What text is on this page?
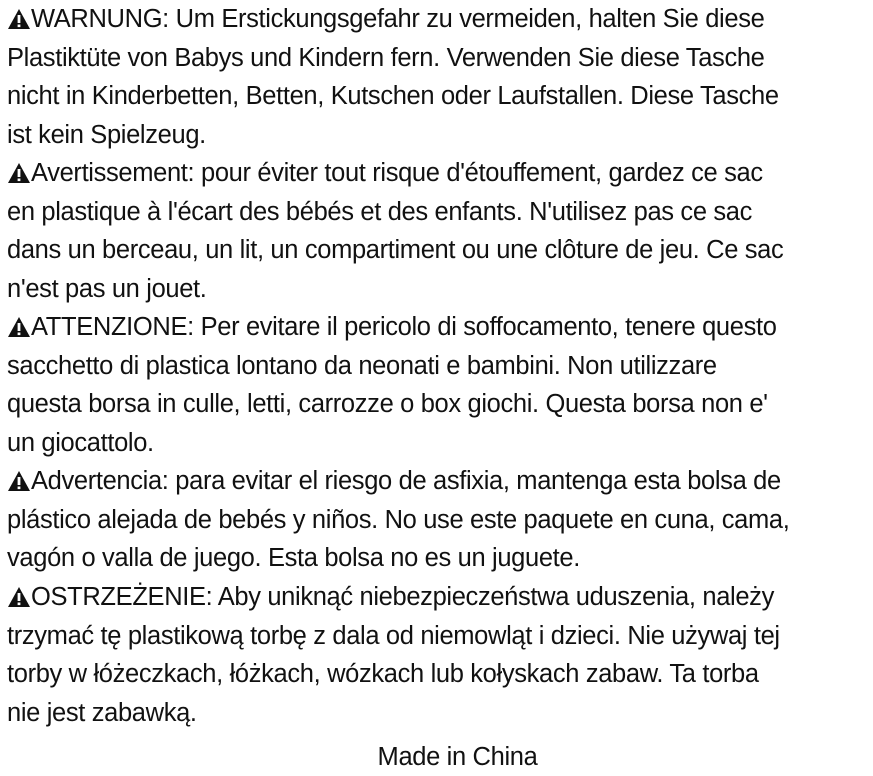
WARNUNG: Um Erstickungsgefahr zu vermeiden, halten Sie diese
Plastiktüte von Babys und Kindern fern. Verwenden Sie diese Tasche
nicht in Kinderbetten, Betten, Kutschen oder Laufstallen. Diese Tasche
ist kein Spielzeug.
Avertissement: pour éviter tout risque d'étouffement, gardez ce sac
en plastique à l'écart des bébés et des enfants. N'utilisez pas ce sac
dans un berceau, un lit, un compartiment ou une clôture de jeu. Ce sac
n'est pas un jouet.
ATTENZIONE: Per evitare il pericolo di soffocamento, tenere questo
sacchetto di plastica lontano da neonati e bambini. Non utilizzare
questa borsa in culle, letti, carrozze o box giochi. Questa borsa non e'
un giocattolo.
Advertencia: para evitar el riesgo de asfixia, mantenga esta bolsa de
plástico alejada de bebés y niños. No use este paquete en cuna, cama,
vagón o valla de juego. Esta bolsa no es un juguete.
OSTRZEŻENIE: Aby uniknąć niebezpieczeństwa uduszenia, należy
trzymać tę plastikową torbę z dala od niemowląt i dzieci. Nie używaj tej
torby w łóżeczkach, łóżkach, wózkach lub kołyskach zabaw. Ta torba
nie jest zabawką.
Made in China
